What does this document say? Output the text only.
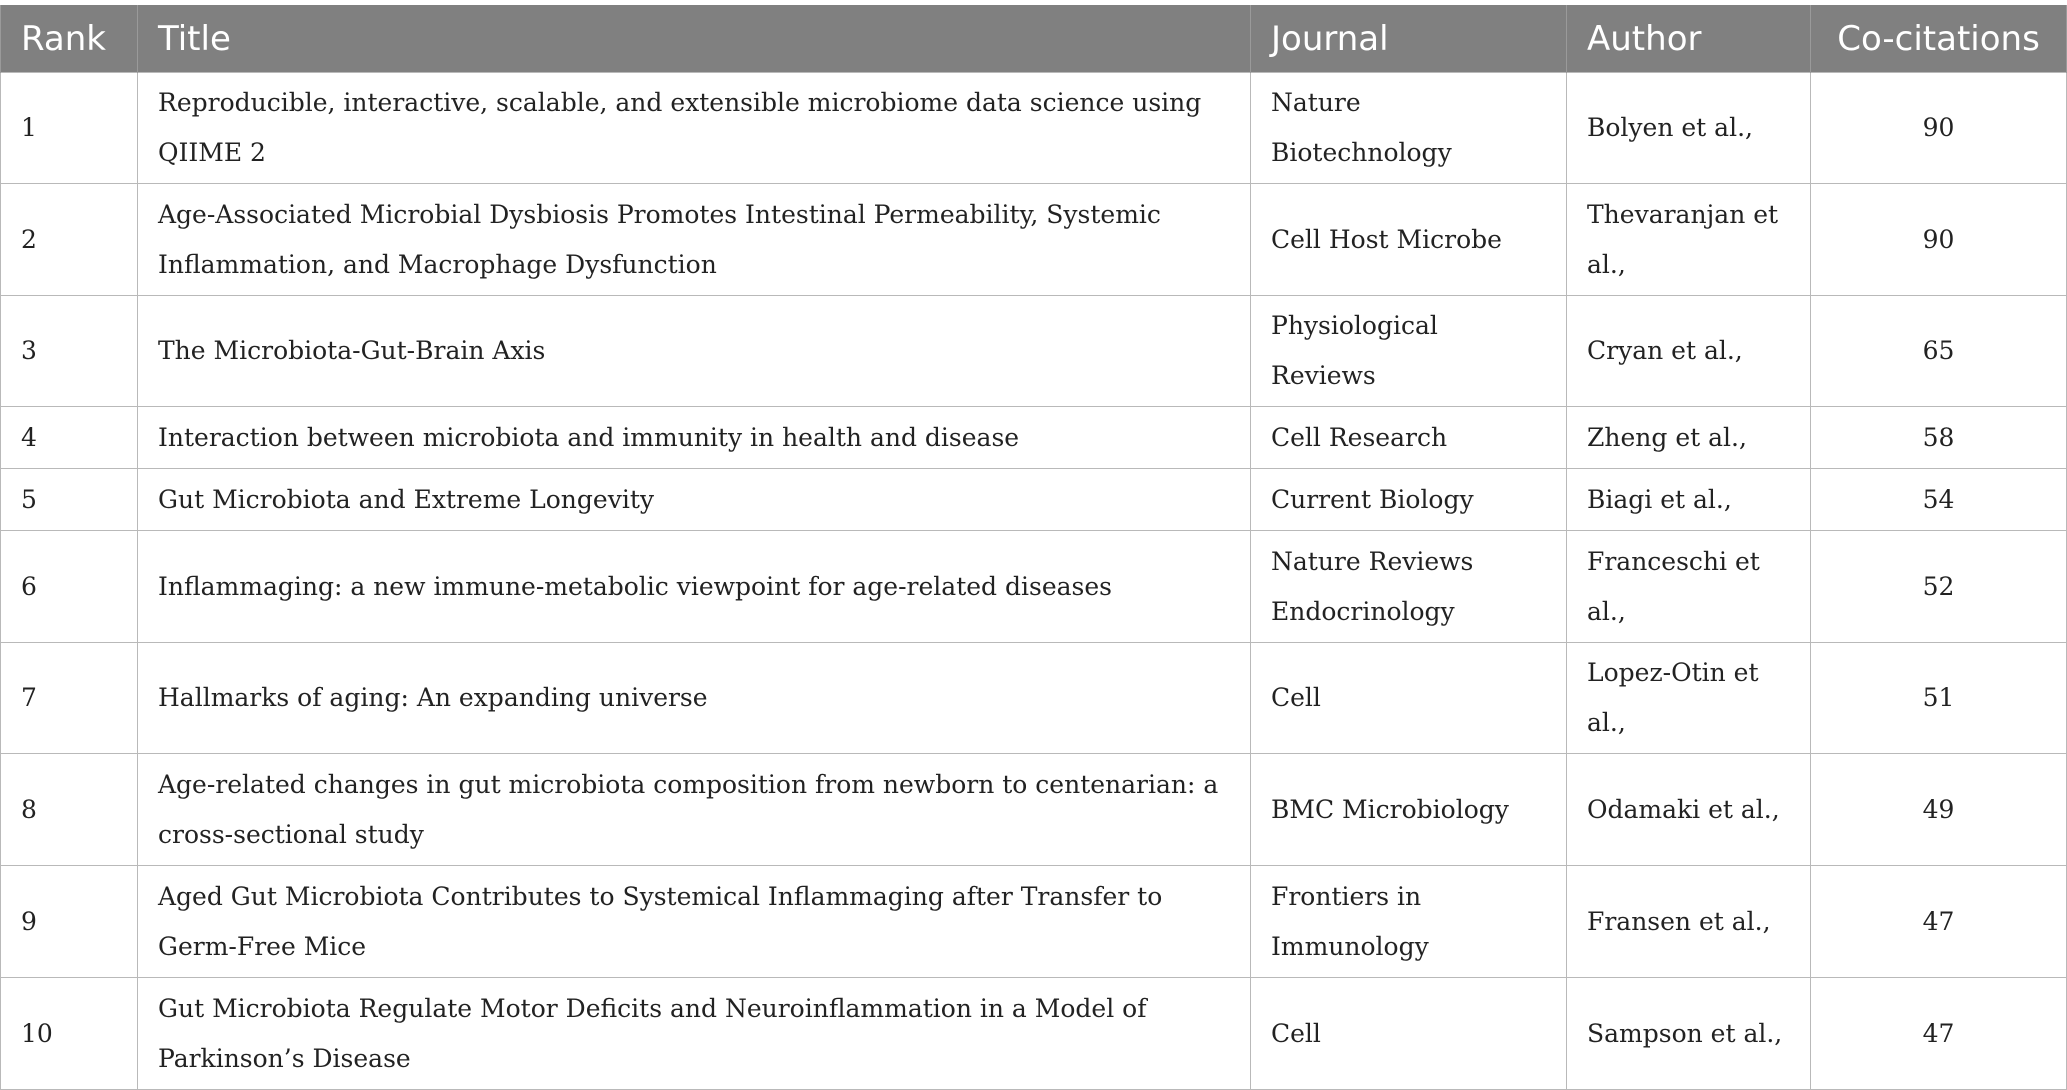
Rank	Title	Journal	Author	Co-citations
1	Reproducible, interactive, scalable, and extensible microbiome data science using QIIME 2	Nature Biotechnology	Bolyen et al.,	90
2	Age-Associated Microbial Dysbiosis Promotes Intestinal Permeability, Systemic Inflammation, and Macrophage Dysfunction	Cell Host Microbe	Thevaranjan et al.,	90
3	The Microbiota-Gut-Brain Axis	Physiological Reviews	Cryan et al.,	65
4	Interaction between microbiota and immunity in health and disease	Cell Research	Zheng et al.,	58
5	Gut Microbiota and Extreme Longevity	Current Biology	Biagi et al.,	54
6	Inflammaging: a new immune-metabolic viewpoint for age-related diseases	Nature Reviews Endocrinology	Franceschi et al.,	52
7	Hallmarks of aging: An expanding universe	Cell	Lopez-Otin et al.,	51
8	Age-related changes in gut microbiota composition from newborn to centenarian: a cross-sectional study	BMC Microbiology	Odamaki et al.,	49
9	Aged Gut Microbiota Contributes to Systemical Inflammaging after Transfer to Germ-Free Mice	Frontiers in Immunology	Fransen et al.,	47
10	Gut Microbiota Regulate Motor Deficits and Neuroinflammation in a Model of Parkinson’s Disease	Cell	Sampson et al.,	47
